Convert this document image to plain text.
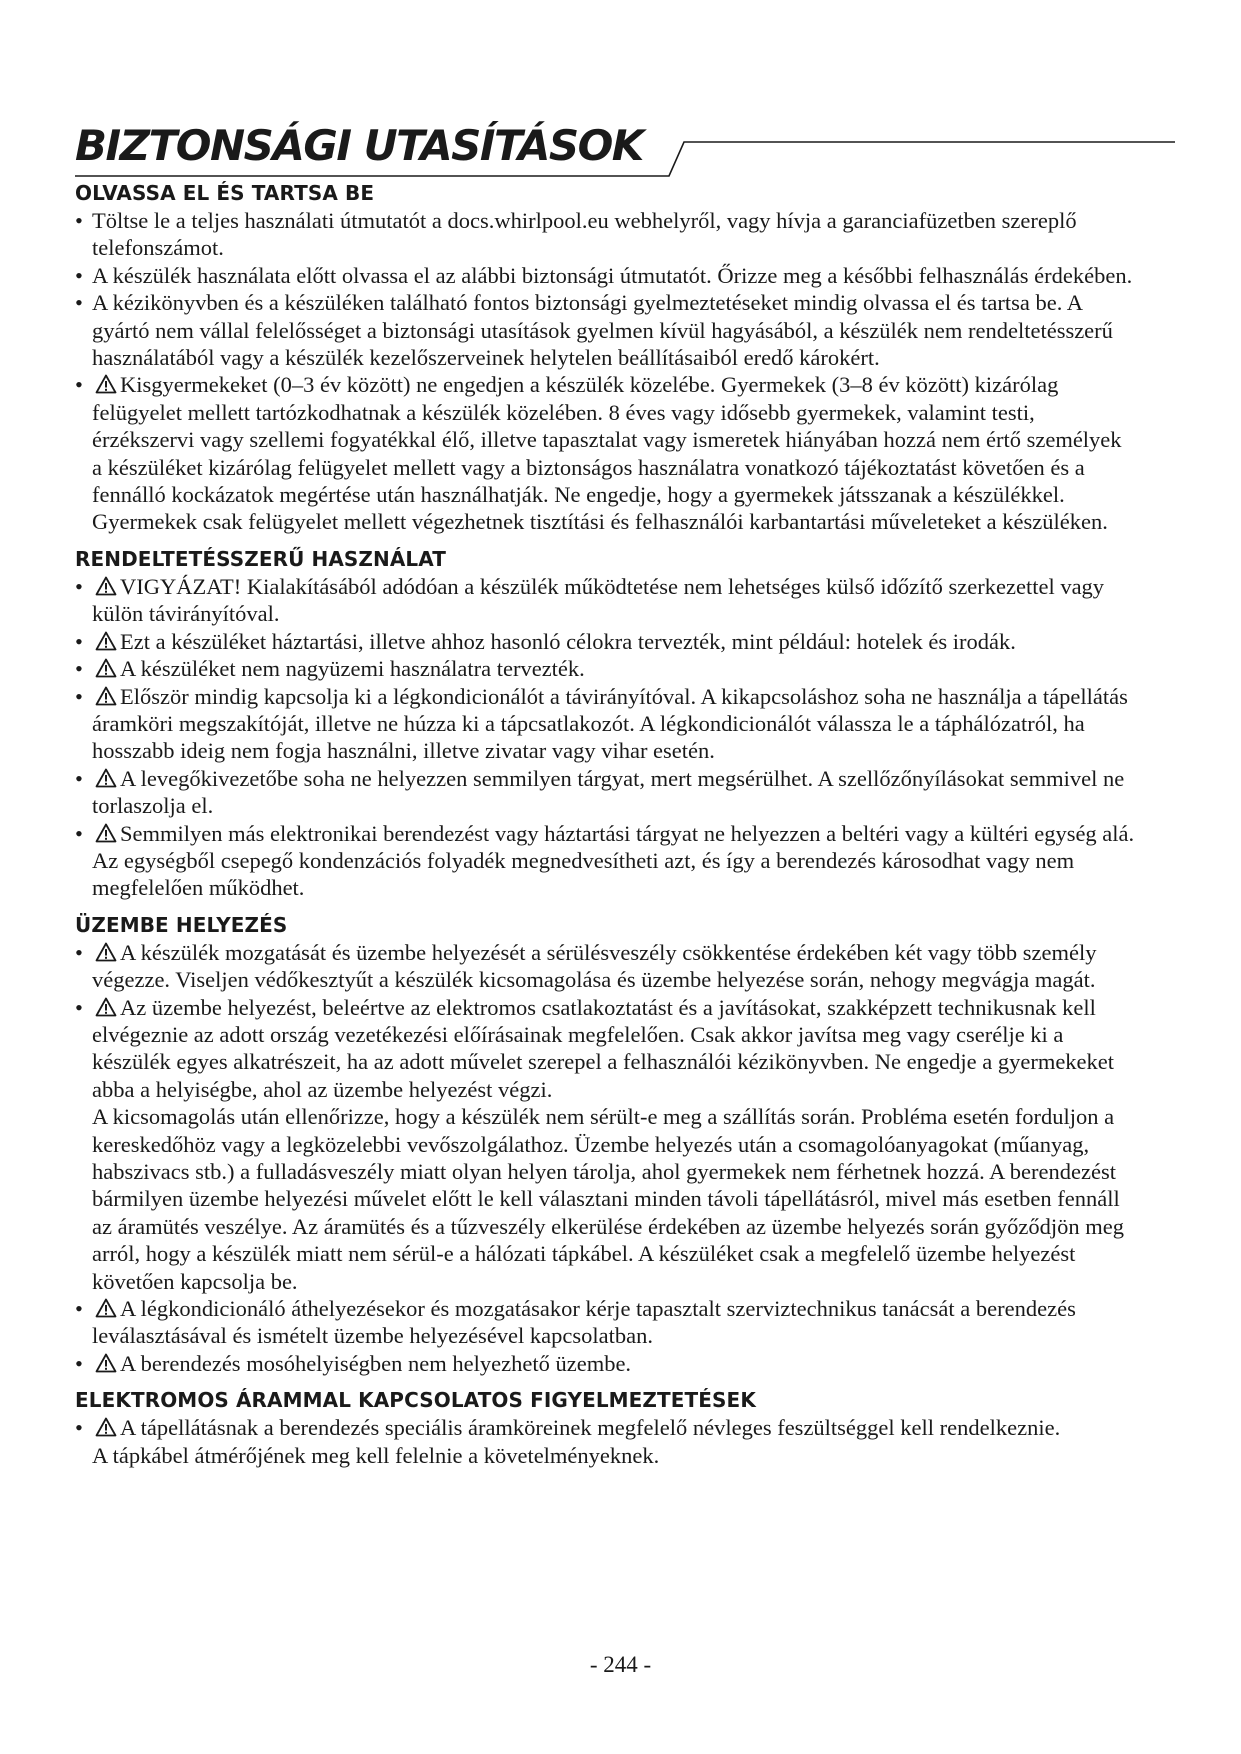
BIZTONSÁGI UTASÍTÁSOK
OLVASSA EL ÉS TARTSA BE
• Töltse le a teljes használati útmutatót a docs.whirlpool.eu webhelyről, vagy hívja a garanciafüzetben szereplő telefonszámot.
• A készülék használata előtt olvassa el az alábbi biztonsági útmutatót. Őrizze meg a későbbi felhasználás érdekében.
• A kézikönyvben és a készüléken található fontos biztonsági gyelmeztetéseket mindig olvassa el és tartsa be. A gyártó nem vállal felelősséget a biztonsági utasítások gyelmen kívül hagyásából, a készülék nem rendeltetésszerű használatából vagy a készülék kezelőszerveinek helytelen beállításaiból eredő károkért.
• Kisgyermekeket (0–3 év között) ne engedjen a készülék közelébe. Gyermekek (3–8 év között) kizárólag felügyelet mellett tartózkodhatnak a készülék közelében. 8 éves vagy idősebb gyermekek, valamint testi, érzékszervi vagy szellemi fogyatékkal élő, illetve tapasztalat vagy ismeretek hiányában hozzá nem értő személyek a készüléket kizárólag felügyelet mellett vagy a biztonságos használatra vonatkozó tájékoztatást követően és a fennálló kockázatok megértése után használhatják. Ne engedje, hogy a gyermekek játsszanak a készülékkel. Gyermekek csak felügyelet mellett végezhetnek tisztítási és felhasználói karbantartási műveleteket a készüléken.
RENDELTETÉSSZERŰ HASZNÁLAT
• VIGYÁZAT! Kialakításából adódóan a készülék működtetése nem lehetséges külső időzítő szerkezettel vagy külön távirányítóval.
• Ezt a készüléket háztartási, illetve ahhoz hasonló célokra tervezték, mint például: hotelek és irodák.
• A készüléket nem nagyüzemi használatra tervezték.
• Először mindig kapcsolja ki a légkondicionálót a távirányítóval. A kikapcsoláshoz soha ne használja a tápellátás áramköri megszakítóját, illetve ne húzza ki a tápcsatlakozót. A légkondicionálót válassza le a táphálózatról, ha hosszabb ideig nem fogja használni, illetve zivatar vagy vihar esetén.
• A levegőkivezetőbe soha ne helyezzen semmilyen tárgyat, mert megsérülhet. A szellőzőnyílásokat semmivel ne torlaszolja el.
• Semmilyen más elektronikai berendezést vagy háztartási tárgyat ne helyezzen a beltéri vagy a kültéri egység alá. Az egységből csepegő kondenzációs folyadék megnedvesítheti azt, és így a berendezés károsodhat vagy nem megfelelően működhet.
ÜZEMBE HELYEZÉS
• A készülék mozgatását és üzembe helyezését a sérülésveszély csökkentése érdekében két vagy több személy végezze. Viseljen védőkesztyűt a készülék kicsomagolása és üzembe helyezése során, nehogy megvágja magát.
• Az üzembe helyezést, beleértve az elektromos csatlakoztatást és a javításokat, szakképzett technikusnak kell elvégeznie az adott ország vezetékezési előírásainak megfelelően. Csak akkor javítsa meg vagy cserélje ki a készülék egyes alkatrészeit, ha az adott művelet szerepel a felhasználói kézikönyvben. Ne engedje a gyermekeket abba a helyiségbe, ahol az üzembe helyezést végzi.
A kicsomagolás után ellenőrizze, hogy a készülék nem sérült-e meg a szállítás során. Probléma esetén forduljon a kereskedőhöz vagy a legközelebbi vevőszolgálathoz. Üzembe helyezés után a csomagolóanyagokat (műanyag, habszivacs stb.) a fulladásveszély miatt olyan helyen tárolja, ahol gyermekek nem férhetnek hozzá. A berendezést bármilyen üzembe helyezési művelet előtt le kell választani minden távoli tápellátásról, mivel más esetben fennáll az áramütés veszélye. Az áramütés és a tűzveszély elkerülése érdekében az üzembe helyezés során győződjön meg arról, hogy a készülék miatt nem sérül-e a hálózati tápkábel. A készüléket csak a megfelelő üzembe helyezést követően kapcsolja be.
• A légkondicionáló áthelyezésekor és mozgatásakor kérje tapasztalt szerviztechnikus tanácsát a berendezés leválasztásával és ismételt üzembe helyezésével kapcsolatban.
• A berendezés mosóhelyiségben nem helyezhető üzembe.
ELEKTROMOS ÁRAMMAL KAPCSOLATOS FIGYELMEZTETÉSEK
• A tápellátásnak a berendezés speciális áramköreinek megfelelő névleges feszültséggel kell rendelkeznie.
A tápkábel átmérőjének meg kell felelnie a követelményeknek.
- 244 -
